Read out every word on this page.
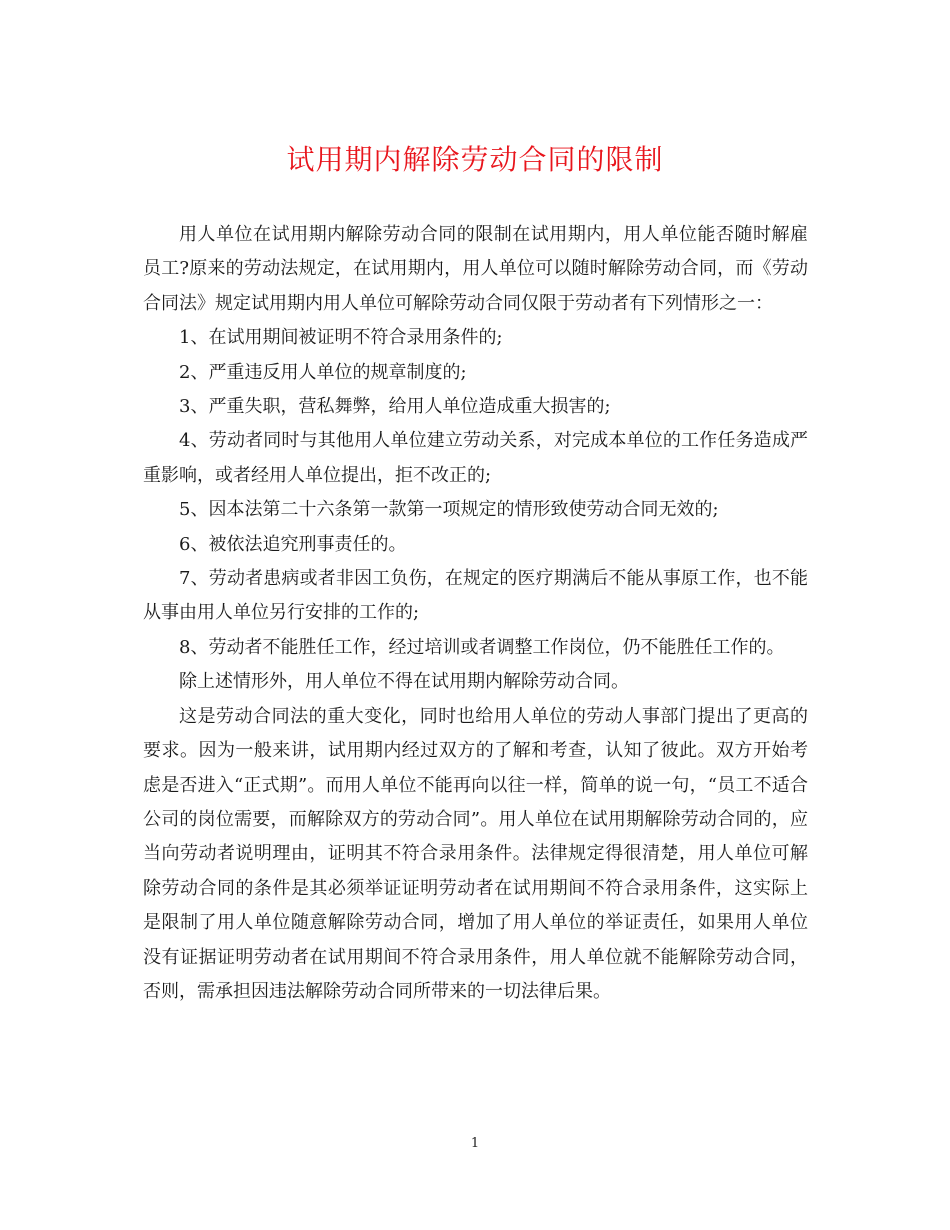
试用期内解除劳动合同的限制

用人单位在试用期内解除劳动合同的限制在试用期内，用人单位能否随时解雇员工?原来的劳动法规定，在试用期内，用人单位可以随时解除劳动合同，而《劳动合同法》规定试用期内用人单位可解除劳动合同仅限于劳动者有下列情形之一：

1、在试用期间被证明不符合录用条件的;

2、严重违反用人单位的规章制度的;

3、严重失职，营私舞弊，给用人单位造成重大损害的;

4、劳动者同时与其他用人单位建立劳动关系，对完成本单位的工作任务造成严重影响，或者经用人单位提出，拒不改正的;

5、因本法第二十六条第一款第一项规定的情形致使劳动合同无效的;

6、被依法追究刑事责任的。

7、劳动者患病或者非因工负伤，在规定的医疗期满后不能从事原工作，也不能从事由用人单位另行安排的工作的;

8、劳动者不能胜任工作，经过培训或者调整工作岗位，仍不能胜任工作的。

除上述情形外，用人单位不得在试用期内解除劳动合同。

这是劳动合同法的重大变化，同时也给用人单位的劳动人事部门提出了更高的要求。因为一般来讲，试用期内经过双方的了解和考查，认知了彼此。双方开始考虑是否进入“正式期”。而用人单位不能再向以往一样，简单的说一句，“员工不适合公司的岗位需要，而解除双方的劳动合同”。用人单位在试用期解除劳动合同的，应当向劳动者说明理由，证明其不符合录用条件。法律规定得很清楚，用人单位可解除劳动合同的条件是其必须举证证明劳动者在试用期间不符合录用条件，这实际上是限制了用人单位随意解除劳动合同，增加了用人单位的举证责任，如果用人单位没有证据证明劳动者在试用期间不符合录用条件，用人单位就不能解除劳动合同，否则，需承担因违法解除劳动合同所带来的一切法律后果。

1
